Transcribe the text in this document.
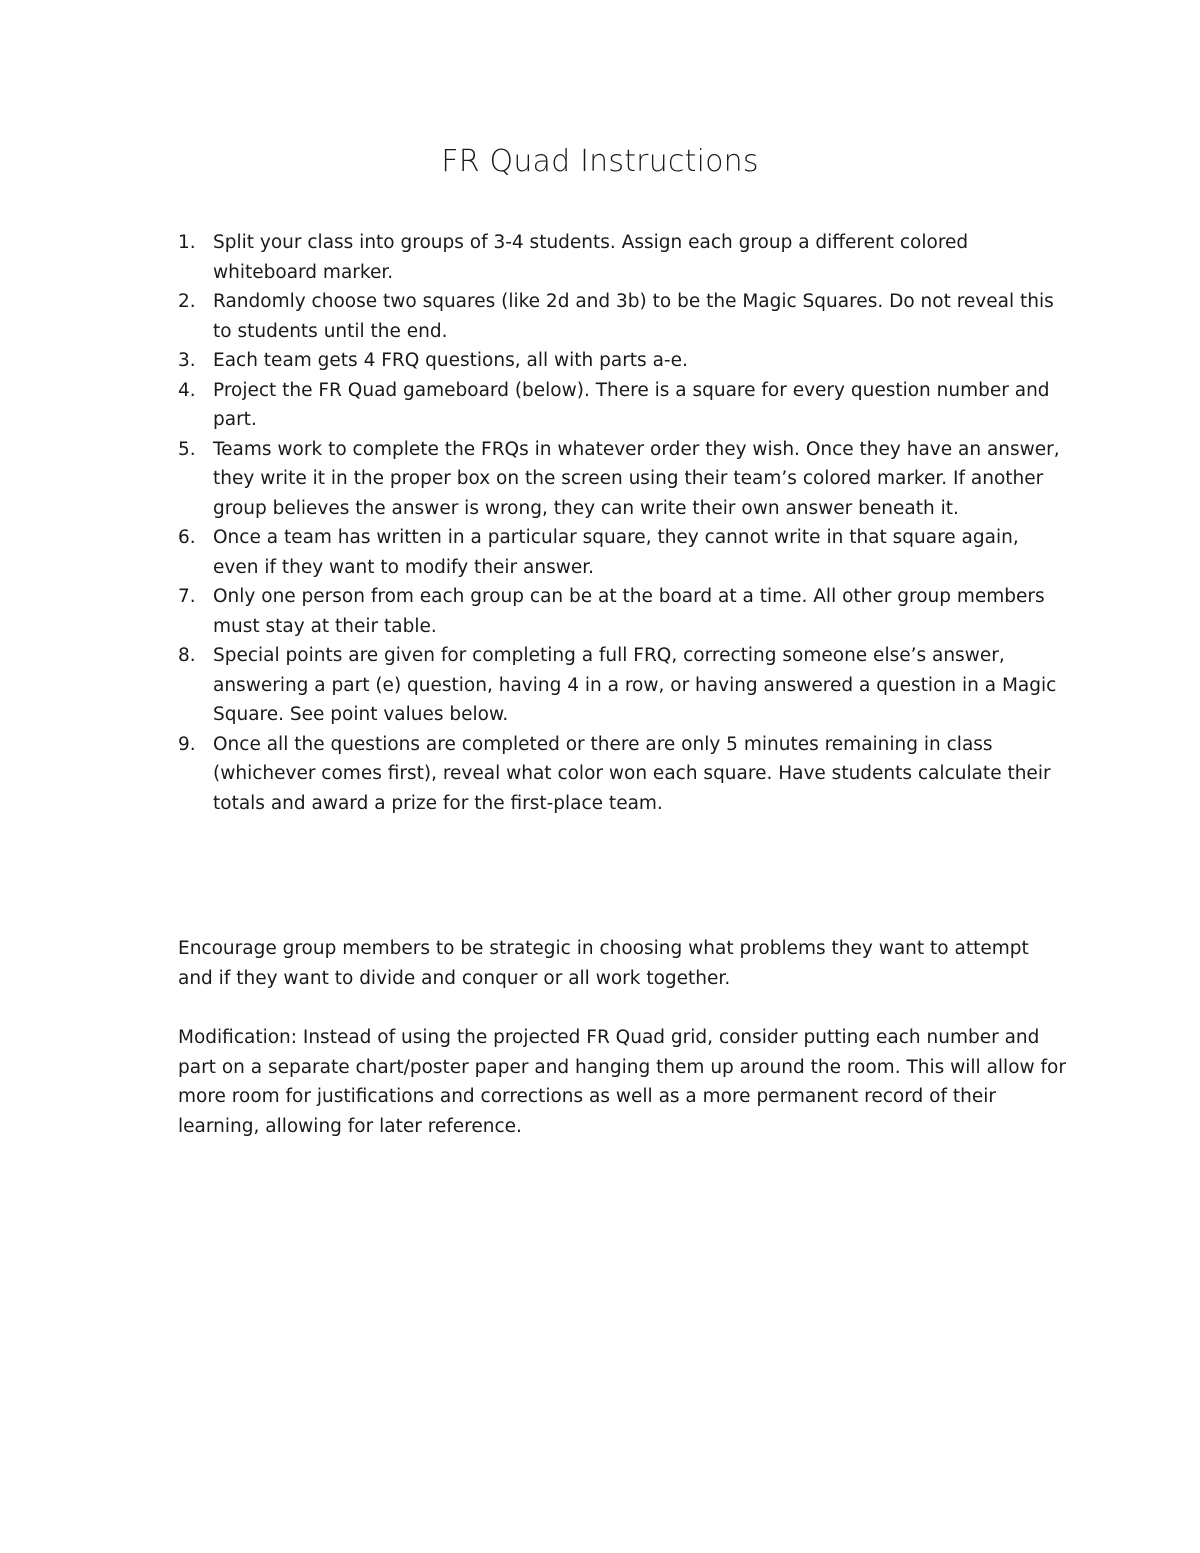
FR Quad Instructions
1. Split your class into groups of 3-4 students. Assign each group a different colored whiteboard marker.
2. Randomly choose two squares (like 2d and 3b) to be the Magic Squares. Do not reveal this to students until the end.
3. Each team gets 4 FRQ questions, all with parts a-e.
4. Project the FR Quad gameboard (below). There is a square for every question number and part.
5. Teams work to complete the FRQs in whatever order they wish. Once they have an answer, they write it in the proper box on the screen using their team’s colored marker. If another group believes the answer is wrong, they can write their own answer beneath it.
6. Once a team has written in a particular square, they cannot write in that square again, even if they want to modify their answer.
7. Only one person from each group can be at the board at a time. All other group members must stay at their table.
8. Special points are given for completing a full FRQ, correcting someone else’s answer, answering a part (e) question, having 4 in a row, or having answered a question in a Magic Square. See point values below.
9. Once all the questions are completed or there are only 5 minutes remaining in class (whichever comes first), reveal what color won each square. Have students calculate their totals and award a prize for the first-place team.

Encourage group members to be strategic in choosing what problems they want to attempt and if they want to divide and conquer or all work together.

Modification: Instead of using the projected FR Quad grid, consider putting each number and part on a separate chart/poster paper and hanging them up around the room. This will allow for more room for justifications and corrections as well as a more permanent record of their learning, allowing for later reference.
